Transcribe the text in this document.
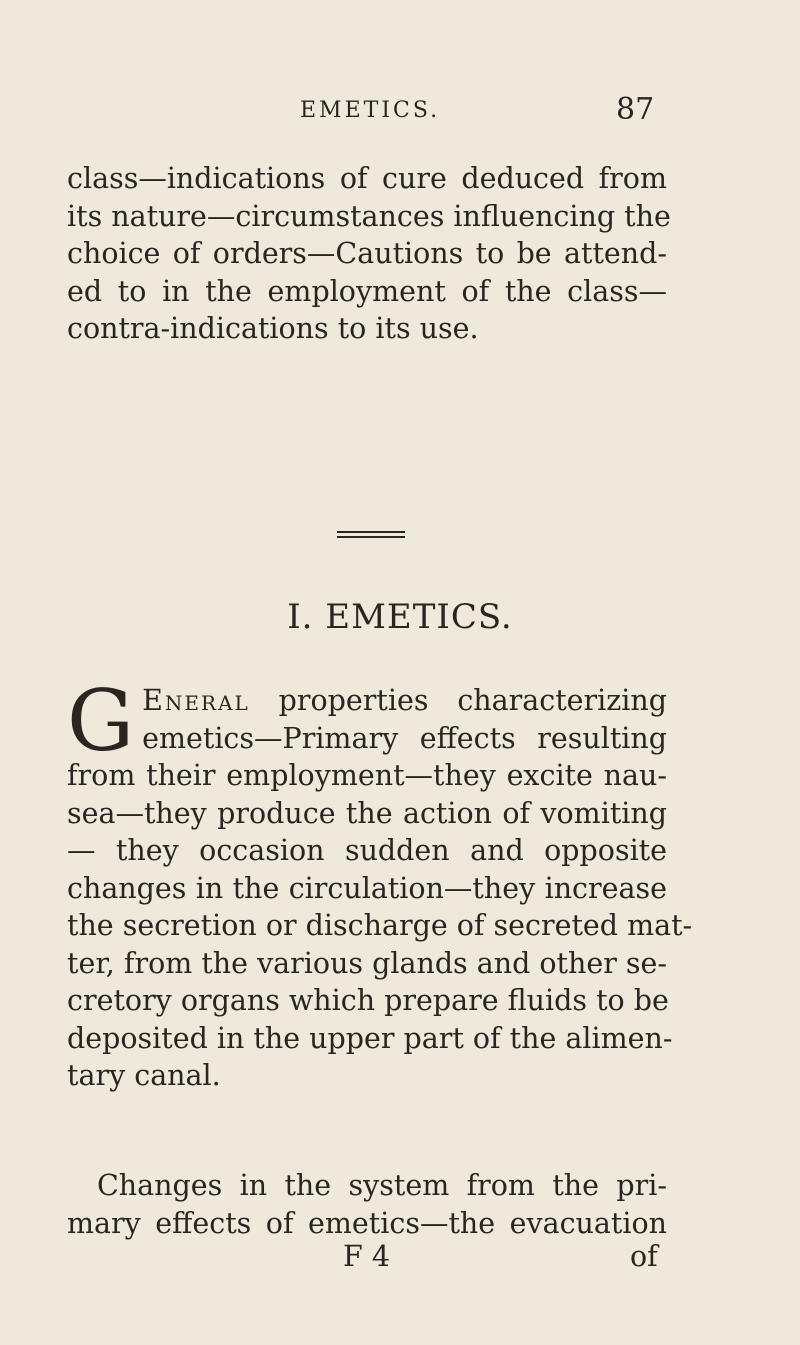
EMETICS.	87
class—indications of cure deduced from
its nature—circumstances influencing the
choice of orders—Cautions to be attend-
ed to in the employment of the class—
contra-indications to its use.
I. EMETICS.
G Eneral properties characterizing
emetics—Primary effects resulting
from their employment—they excite nau-
sea—they produce the action of vomiting
— they occasion sudden and opposite
changes in the circulation—they increase
the secretion or discharge of secreted mat-
ter, from the various glands and other se-
cretory organs which prepare fluids to be
deposited in the upper part of the alimen-
tary canal.
Changes in the system from the pri-
mary effects of emetics—the evacuation
F 4	of
